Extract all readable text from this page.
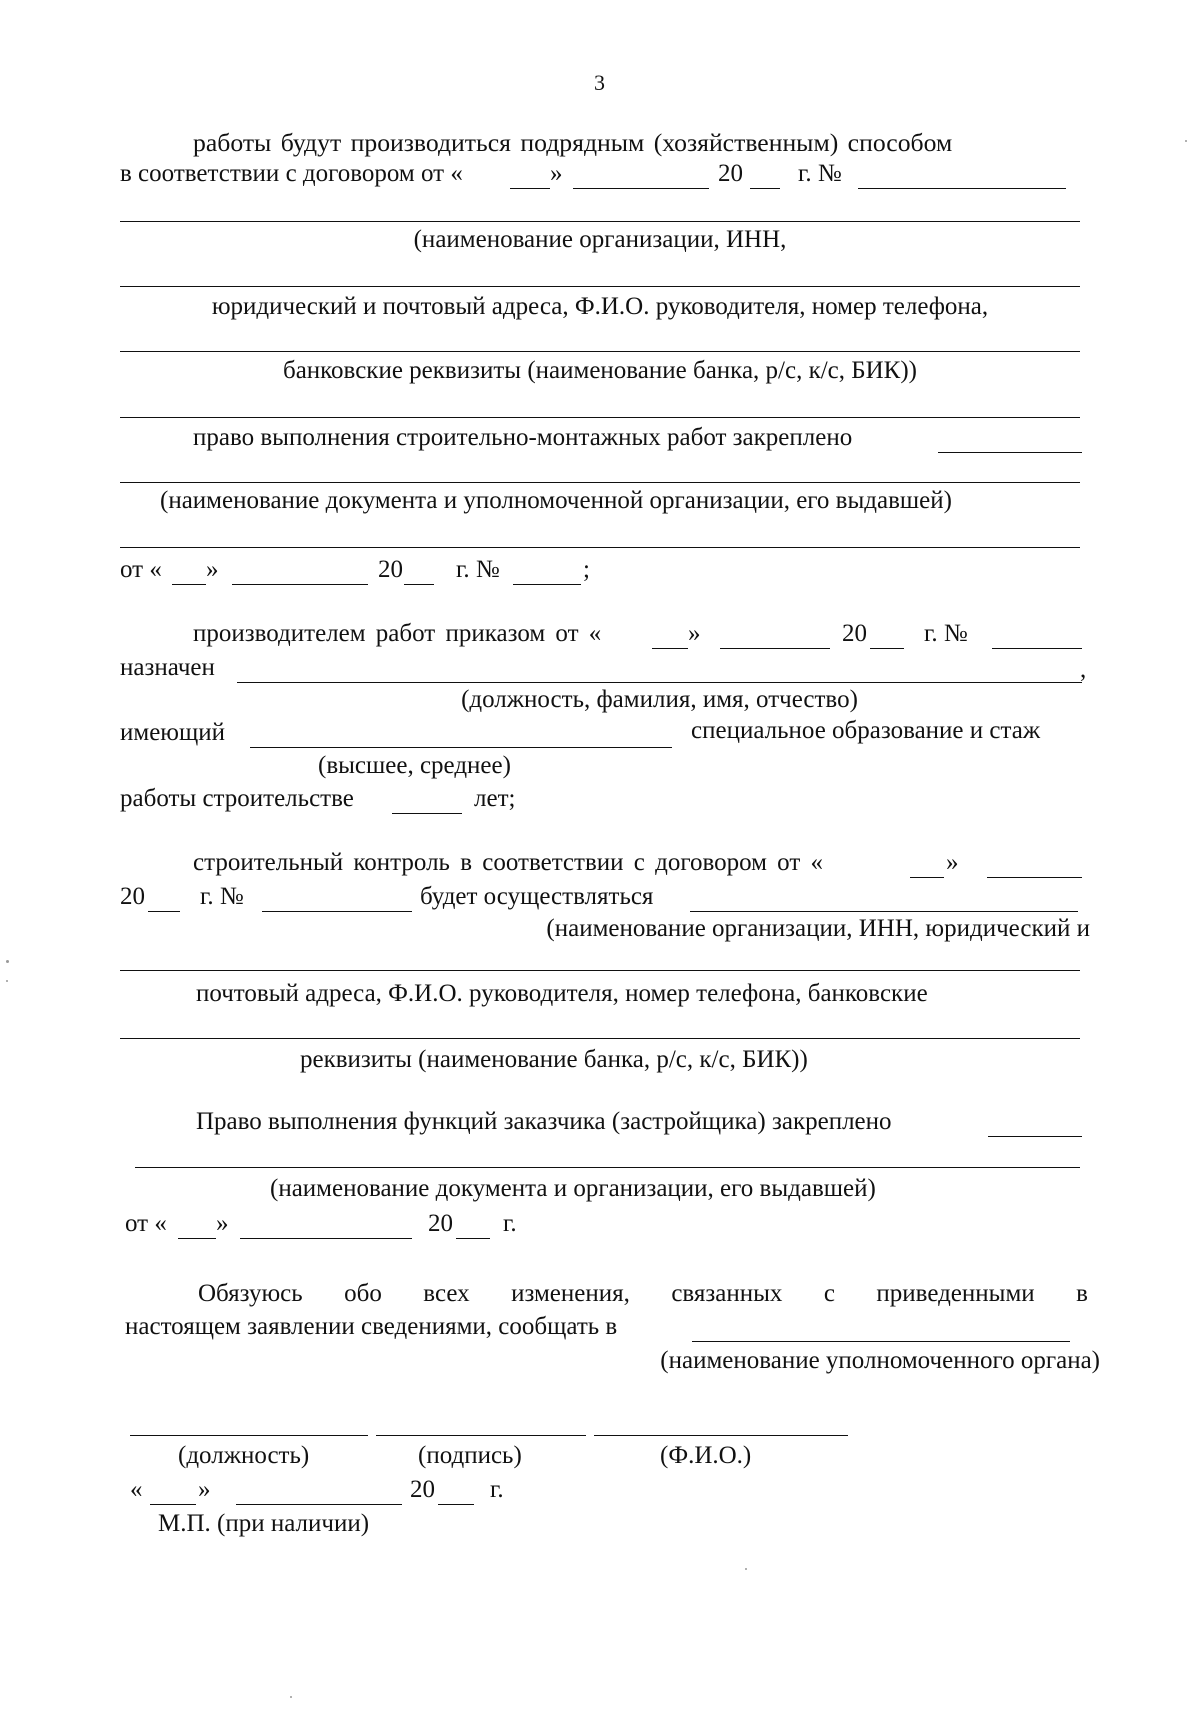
3
работы будут производиться подрядным (хозяйственным) способом
в соответствии с договором от «	»	20 г. №
(наименование организации, ИНН,
юридический и почтовый адреса, Ф.И.О. руководителя, номер телефона,
банковские реквизиты (наименование банка, р/с, к/с, БИК))
право выполнения строительно-монтажных работ закреплено
(наименование документа и уполномоченной организации, его выдавшей)
от « »	20 г. №	;
производителем работ приказом от «	»	20 г. №
назначен	,
(должность, фамилия, имя, отчество)
имеющий	специальное образование и стаж
(высшее, среднее)
работы строительстве	лет;
строительный контроль в соответствии с договором от «	»
20 г. №	будет осуществляться
(наименование организации, ИНН, юридический и
почтовый адреса, Ф.И.О. руководителя, номер телефона, банковские
реквизиты (наименование банка, р/с, к/с, БИК))
Право выполнения функций заказчика (застройщика) закреплено
(наименование документа и организации, его выдавшей)
от « »	20 г.
Обязуюсь обо всех изменения, связанных с приведенными в
настоящем заявлении сведениями, сообщать в
(наименование уполномоченного органа)
(должность)	(подпись)	(Ф.И.О.)
« »	20 г.
М.П. (при наличии)
